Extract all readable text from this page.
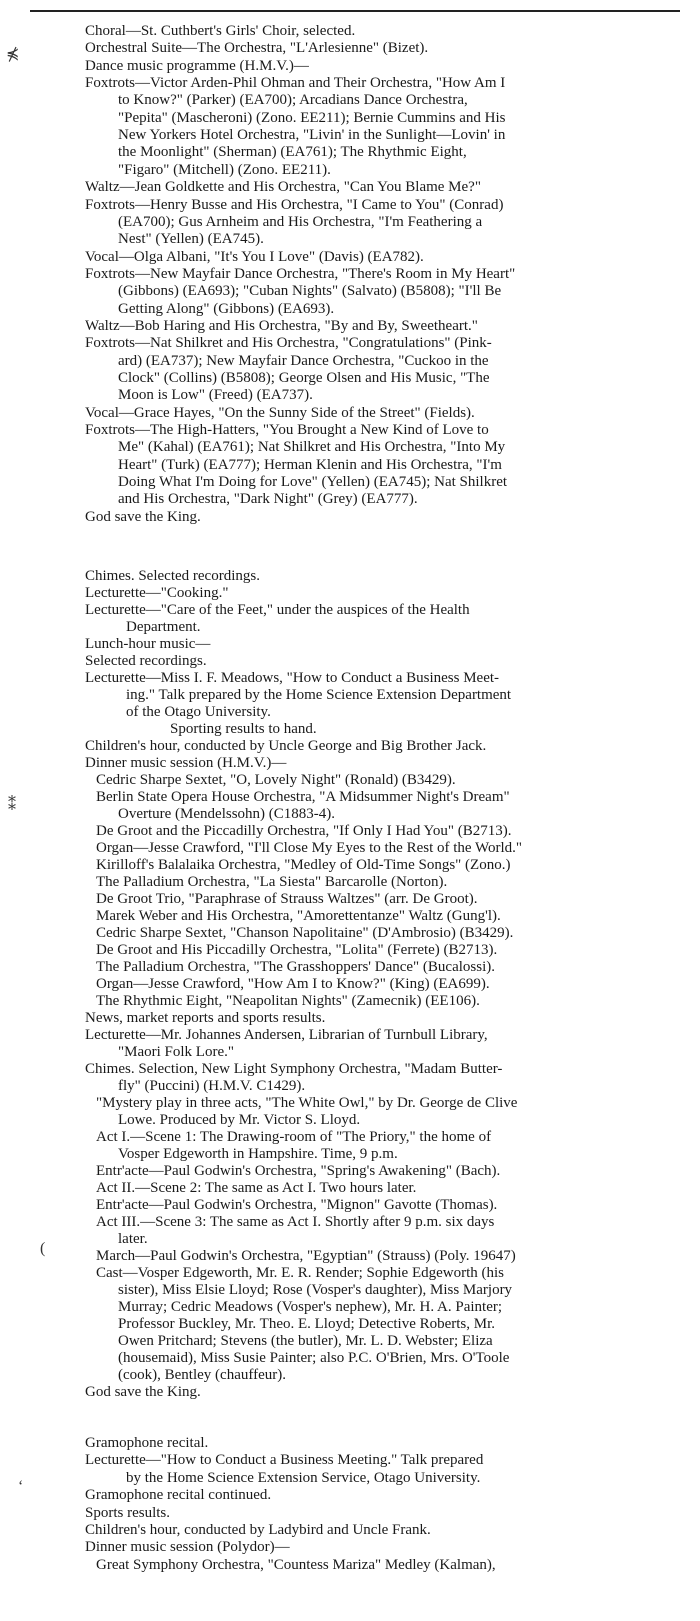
⋠
⁑
(
‘
Choral—St. Cuthbert's Girls' Choir, selected.
Orchestral Suite—The Orchestra, "L'Arlesienne" (Bizet).
Dance music programme (H.M.V.)—
Foxtrots—Victor Arden-Phil Ohman and Their Orchestra, "How Am I
to Know?" (Parker) (EA700); Arcadians Dance Orchestra,
"Pepita" (Mascheroni) (Zono. EE211); Bernie Cummins and His
New Yorkers Hotel Orchestra, "Livin' in the Sunlight—Lovin' in
the Moonlight" (Sherman) (EA761); The Rhythmic Eight,
"Figaro" (Mitchell) (Zono. EE211).
Waltz—Jean Goldkette and His Orchestra, "Can You Blame Me?"
Foxtrots—Henry Busse and His Orchestra, "I Came to You" (Conrad)
(EA700); Gus Arnheim and His Orchestra, "I'm Feathering a
Nest" (Yellen) (EA745).
Vocal—Olga Albani, "It's You I Love" (Davis) (EA782).
Foxtrots—New Mayfair Dance Orchestra, "There's Room in My Heart"
(Gibbons) (EA693); "Cuban Nights" (Salvato) (B5808); "I'll Be
Getting Along" (Gibbons) (EA693).
Waltz—Bob Haring and His Orchestra, "By and By, Sweetheart."
Foxtrots—Nat Shilkret and His Orchestra, "Congratulations" (Pink-
ard) (EA737); New Mayfair Dance Orchestra, "Cuckoo in the
Clock" (Collins) (B5808); George Olsen and His Music, "The
Moon is Low" (Freed) (EA737).
Vocal—Grace Hayes, "On the Sunny Side of the Street" (Fields).
Foxtrots—The High-Hatters, "You Brought a New Kind of Love to
Me" (Kahal) (EA761); Nat Shilkret and His Orchestra, "Into My
Heart" (Turk) (EA777); Herman Klenin and His Orchestra, "I'm
Doing What I'm Doing for Love" (Yellen) (EA745); Nat Shilkret
and His Orchestra, "Dark Night" (Grey) (EA777).
God save the King.
Chimes. Selected recordings.
Lecturette—"Cooking."
Lecturette—"Care of the Feet," under the auspices of the Health
Department.
Lunch-hour music—
Selected recordings.
Lecturette—Miss I. F. Meadows, "How to Conduct a Business Meet-
ing." Talk prepared by the Home Science Extension Department
of the Otago University.
Sporting results to hand.
Children's hour, conducted by Uncle George and Big Brother Jack.
Dinner music session (H.M.V.)—
Cedric Sharpe Sextet, "O, Lovely Night" (Ronald) (B3429).
Berlin State Opera House Orchestra, "A Midsummer Night's Dream"
Overture (Mendelssohn) (C1883-4).
De Groot and the Piccadilly Orchestra, "If Only I Had You" (B2713).
Organ—Jesse Crawford, "I'll Close My Eyes to the Rest of the World."
Kirilloff's Balalaika Orchestra, "Medley of Old-Time Songs" (Zono.)
The Palladium Orchestra, "La Siesta" Barcarolle (Norton).
De Groot Trio, "Paraphrase of Strauss Waltzes" (arr. De Groot).
Marek Weber and His Orchestra, "Amorettentanze" Waltz (Gung'l).
Cedric Sharpe Sextet, "Chanson Napolitaine" (D'Ambrosio) (B3429).
De Groot and His Piccadilly Orchestra, "Lolita" (Ferrete) (B2713).
The Palladium Orchestra, "The Grasshoppers' Dance" (Bucalossi).
Organ—Jesse Crawford, "How Am I to Know?" (King) (EA699).
The Rhythmic Eight, "Neapolitan Nights" (Zamecnik) (EE106).
News, market reports and sports results.
Lecturette—Mr. Johannes Andersen, Librarian of Turnbull Library,
"Maori Folk Lore."
Chimes. Selection, New Light Symphony Orchestra, "Madam Butter-
fly" (Puccini) (H.M.V. C1429).
"Mystery play in three acts, "The White Owl," by Dr. George de Clive
Lowe. Produced by Mr. Victor S. Lloyd.
Act I.—Scene 1: The Drawing-room of "The Priory," the home of
Vosper Edgeworth in Hampshire. Time, 9 p.m.
Entr'acte—Paul Godwin's Orchestra, "Spring's Awakening" (Bach).
Act II.—Scene 2: The same as Act I. Two hours later.
Entr'acte—Paul Godwin's Orchestra, "Mignon" Gavotte (Thomas).
Act III.—Scene 3: The same as Act I. Shortly after 9 p.m. six days
later.
March—Paul Godwin's Orchestra, "Egyptian" (Strauss) (Poly. 19647)
Cast—Vosper Edgeworth, Mr. E. R. Render; Sophie Edgeworth (his
sister), Miss Elsie Lloyd; Rose (Vosper's daughter), Miss Marjory
Murray; Cedric Meadows (Vosper's nephew), Mr. H. A. Painter;
Professor Buckley, Mr. Theo. E. Lloyd; Detective Roberts, Mr.
Owen Pritchard; Stevens (the butler), Mr. L. D. Webster; Eliza
(housemaid), Miss Susie Painter; also P.C. O'Brien, Mrs. O'Toole
(cook), Bentley (chauffeur).
God save the King.
Gramophone recital.
Lecturette—"How to Conduct a Business Meeting." Talk prepared
by the Home Science Extension Service, Otago University.
Gramophone recital continued.
Sports results.
Children's hour, conducted by Ladybird and Uncle Frank.
Dinner music session (Polydor)—
Great Symphony Orchestra, "Countess Mariza" Medley (Kalman),
